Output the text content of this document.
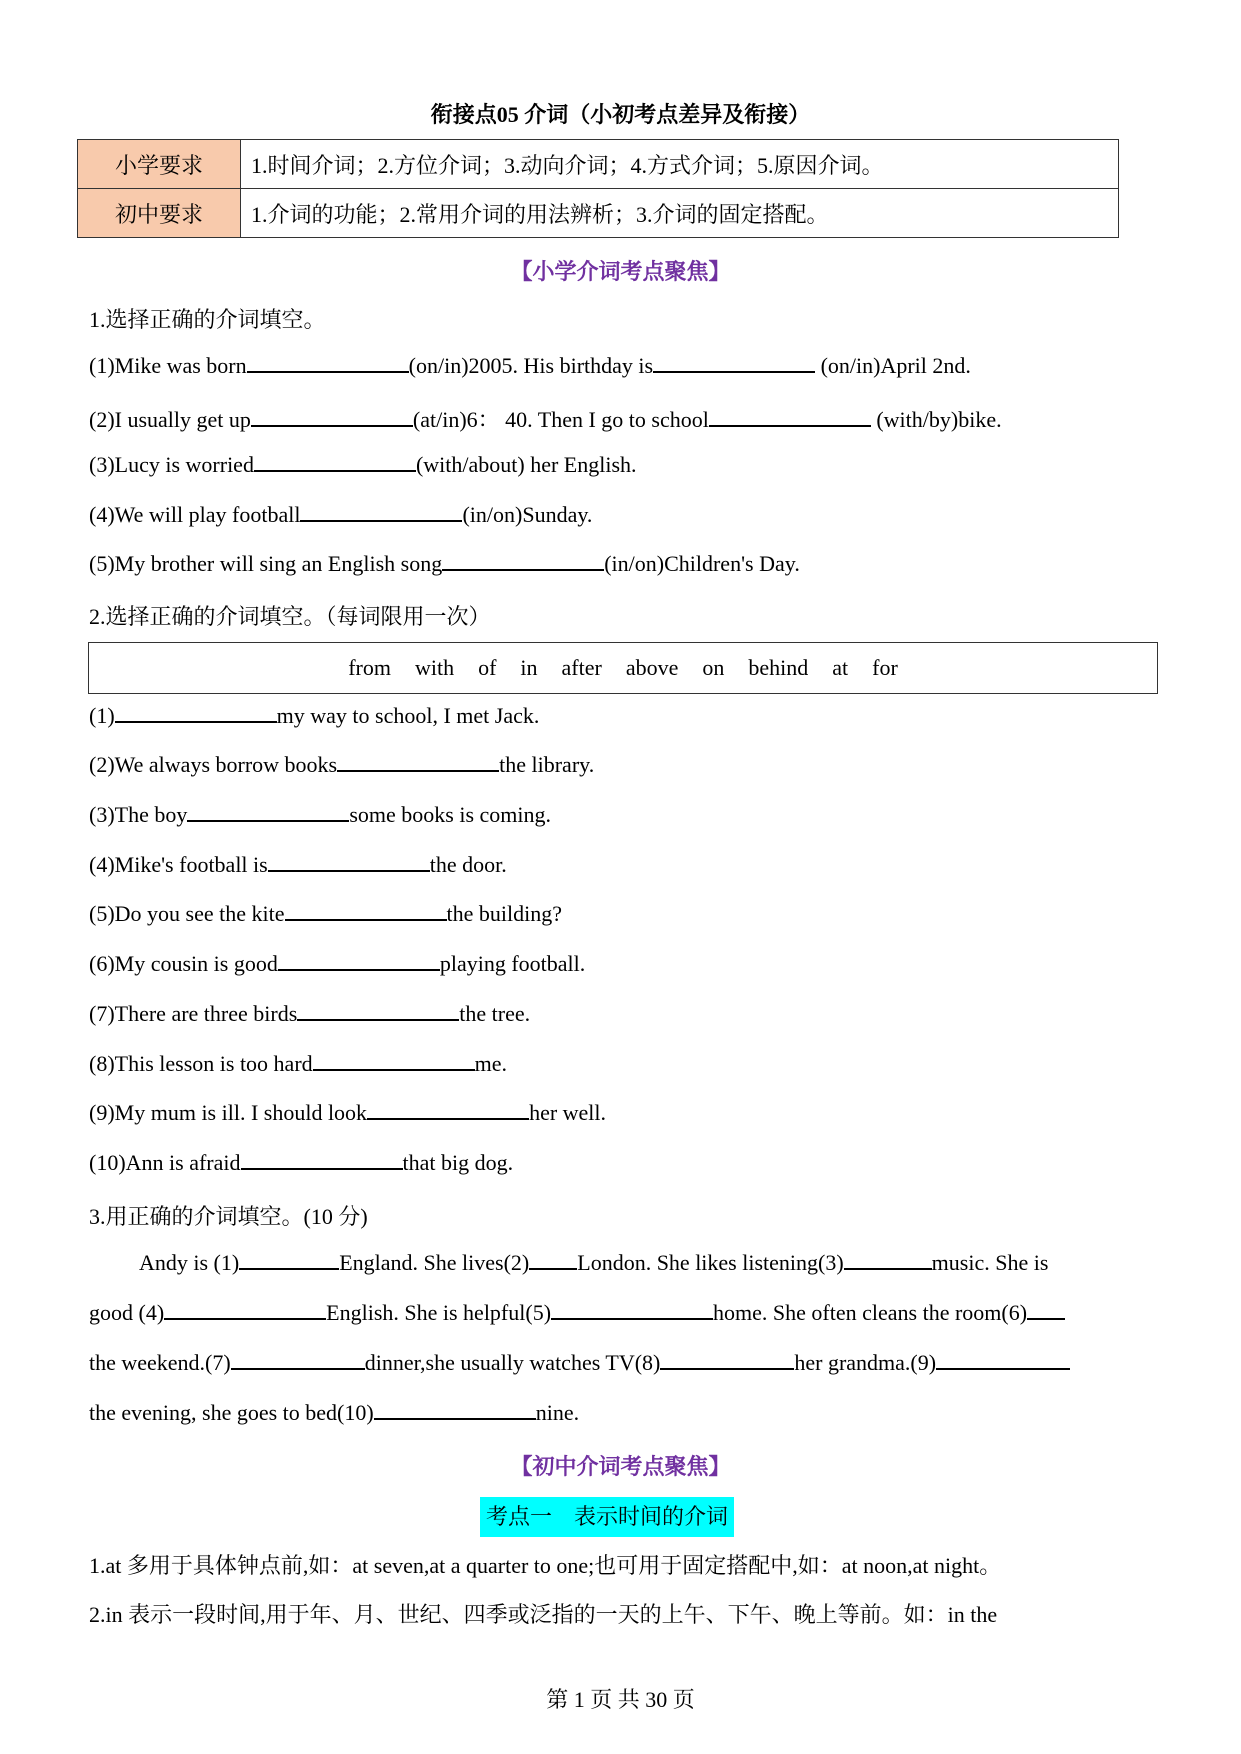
衔接点05 介词（小初考点差异及衔接）
小学要求	1.时间介词；2.方位介词；3.动向介词；4.方式介词；5.原因介词。
初中要求	1.介词的功能；2.常用介词的用法辨析；3.介词的固定搭配。
【小学介词考点聚焦】
1.选择正确的介词填空。
(1)Mike was born	(on/in)2005. His birthday is	(on/in)April 2nd.
(2)I usually get up	(at/in)6： 40. Then I go to school	(with/by)bike.
(3)Lucy is worried	(with/about) her English.
(4)We will play football	(in/on)Sunday.
(5)My brother will sing an English song	(in/on)Children's Day.
2.选择正确的介词填空。（每词限用一次）
from with of in after above on behind at for
(1)	my way to school, I met Jack.
(2)We always borrow books	the library.
(3)The boy	some books is coming.
(4)Mike's football is	the door.
(5)Do you see the kite	the building?
(6)My cousin is good	playing football.
(7)There are three birds	the tree.
(8)This lesson is too hard	me.
(9)My mum is ill. I should look	her well.
(10)Ann is afraid	that big dog.
3.用正确的介词填空。(10 分)
Andy is (1)	England. She lives(2) London. She likes listening(3)	music. She is
good (4)	English. She is helpful(5)	home. She often cleans the room(6)
the weekend.(7)	dinner,she usually watches TV(8)	her grandma.(9)
the evening, she goes to bed(10)	nine.
【初中介词考点聚焦】
考点一　表示时间的介词
1.at 多用于具体钟点前,如：at seven,at a quarter to one;也可用于固定搭配中,如：at noon,at night。
2.in 表示一段时间,用于年、月、世纪、四季或泛指的一天的上午、下午、晚上等前。如：in the
第 1 页 共 30 页
